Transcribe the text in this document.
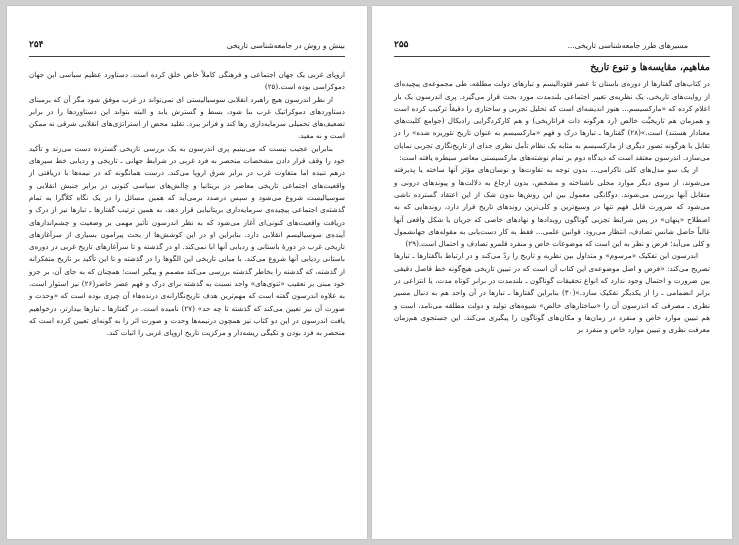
۲۵۴	بینش و روش در جامعه‌شناسی تاریخی

اروپای غربی یک جهان اجتماعی و فرهنگی کاملاً خاص خلق کرده است. دستاورد عظیم سیاسی این جهان دموکراسی بوده است.(۲۵)

از نظر اندرسون هیچ راهبرد انقلابی سوسیالیستی ای نمی‌تواند در غرب موفق شود مگر آن که برمبنای دستاوردهای دموکراتیک غرب بنا شود، بسط و گسترش یابد و البته بتواند این دستاوردها را در برابر تضعیف‌های تحمیلی سرمایه‌داری رها کند و فراتر ببرد. تقلید محض از استراتژی‌های انقلابی شرقی نه ممکن است و نه مفید.

بنابراین عجیب نیست که می‌بینیم پری اندرسون به یک بررسی تاریخی گسترده دست می‌زند و تأکید خود را وقف قرار دادن مشخصات منحصر به فرد غربی در شرایط جهانی ـ تاریخی و ردیابی خط سیرهای درهم تنیده اما متفاوت غرب در برابر شرق اروپا می‌کند. درست همانگونه که در نیمه‌ها با دریافتی از واقعیت‌های اجتماعی تاریخی معاصر در بریتانیا و چالش‌های سیاسی کنونی در برابر جنبش انقلابی و سوسیالیست شروع می‌شود و سپس درصدد برمی‌آید که همین مسائل را در یک نگاه کلاًگرا به تمام گذشته‌ی اجتماعی پیچیده‌ی سرمایه‌داری بریتانیایی قرار دهد، به همین ترتیب گفتارها ـ تبارها نیز از درک و دریافت واقعیت‌های کنونی‌ای آغاز می‌شود که به نظر اندرسون تأثیر مهمی بر وضعیت و چشم‌اندازهای آینده‌ی سوسیالیسم انقلابی دارد. بنابراین او در این کوشش‌ها از بحث پیرامون بسیاری از سرآغازهای تاریخی غرب در دورهٔ باستانی و ردیابی آنها ابا نمی‌کند. او در گذشته و تا سرآغازهای تاریخ غربی در دوره‌ی باستانی ردیابی آنها شروع می‌کند. با مبانی تاریخی این الگوها را در گذشته و تا این تأکید بر تاریخ متفکرانه از گذشته، که گذشته را بخاطر گذشته بررسی می‌کند مصمم و پیگیر است؛ همچنان که به جای آن، بر جزو خود مبنی بر تعقیب «ثنوی‌های» واحد نسبت به گذشته برای درک و فهم عصر حاضر(۲۶) نیز استوار است. به علاوه اندرسون گفته است که مهم‌ترین هدف تاریخ‌نگارانه‌ی درنده‌هاء آن چیزی بوده است که «وحدت و صورت آن نیز تعیین می‌کند که گذشته تا چه حد» (۲۷) نامیده است. در گفتارها ـ تبارها بیدارتر، درخواهیم یافت اندرسون در این دو کتاب نیز همچون درنیمه‌ها وحدت و صورت اثر را به گونه‌ای تعیین کرده است که منحصر به فرد بودن و تکیگی ریشه‌دار و مرکزیت تاریخ اروپای غربی را اثبات کند.

۲۵۵	مسیرهای طرز جامعه‌شناسی تاریخی...
مفاهیم، مقایسه‌ها و تنوع تاریخ

در کتاب‌های گفتارها از دوره‌ی باستان تا عصر فئودالیسم و تبارهای دولت مطلقه، طی مجموعه‌ی پیچیده‌ای از روایت‌های تاریخی، یک نظریه‌ی تغییر اجتماعی بلندمدت مورد بحث قرار می‌گیرد. پری اندرسون یک بار اعلام کرده که «مارکسیسم... هنوز اندیشه‌ای است که تحلیل تجربی و ساختاری را دقیقاً ترکیب کرده است و همزمان هم تاریخیِّت خالص (رد هرگونه ذات فراتاریخی) و هم کارکردگرایی رادیکال (جوامع کلیت‌های معنادار هستند) است.»(۲۸) گفتارها ـ تبارها درک و فهم «مارکسیسم به عنوان تاریخ تئوریزه شده» را در تقابل با هرگونه تصور دیگری از مارکسیسم به مثابه یک نظام تأمل نظری جدای از تاریخ‌نگاری تجربی نمایان می‌سازد. اندرسون معتقد است که دیدگاه دوم بر تمام نوشته‌های مارکسیستی معاصر سیطره یافته است:

از یک سو مدل‌های کلی ناکرامی... بدون توجه به تفاوت‌ها و نوسان‌های مؤثر آنها ساخته یا پذیرفته می‌شوند، از سوی دیگر موارد محلی ناشناخته و مشخص، بدون ارجاع به دلالت‌ها و پیوندهای درونی و متقابل آنها بررسی می‌شوند. دوگانگی معمول بین این روش‌ها بدون شک از این اعتقاد گسترده ناشی می‌شود که ضرورت قابل فهم تنها در وسیع‌ترین و کلی‌ترین روندهای تاریخ قرار دارد، روندهایی که به اصطلاح «پنهان» در پس شرایط تجربی گوناگون رویدادها و نهادهای خاصی که جریان یا شکل واقعی آنها غالباً حاصل شانس تصادف، انتظار می‌رود. قوانین علمی... فقط به کار دست‌یابی به مقوله‌های جهانشمول و کلی می‌آید؛ فرض و نظر به این است که موضوعات خاص و منفرد قلمرو تصادف و احتمال است.(۲۹)

اندرسون این تفکیک «مرسوم» و متداول بین نظریه و تاریخ را ردّ می‌کند و در ارتباط باگفتارها ـ تبارها تصریح می‌کند: «فرض و اصل موضوعه‌ی این کتاب آن است که در تبیین تاریخی هیچ‌گونه خط فاصل دقیقی بین ضرورت و احتمال وجود ندارد که انواع تحقیقات گوناگون ـ بلندمدت در برابر کوتاه مدت، یا انتزاعی در برابر انضمامی ـ را از یکدیگر تفکیک سازد.»(۳۰) بنابراین گفتارها ـ تبارها در آن واحد هم به دنبال مسیر نظری ـ مصرفی که اندرسون آن را «ساختارهای خالص» شیوه‌های تولید و دولت مطلقه می‌نامد، است و هم تبیین موارد خاص و منفرد در زمان‌ها و مکان‌های گوناگون را پیگیری می‌کند. این جستجوی هم‌زمان معرفت نظری و تبیین موارد خاص و منفرد بر
